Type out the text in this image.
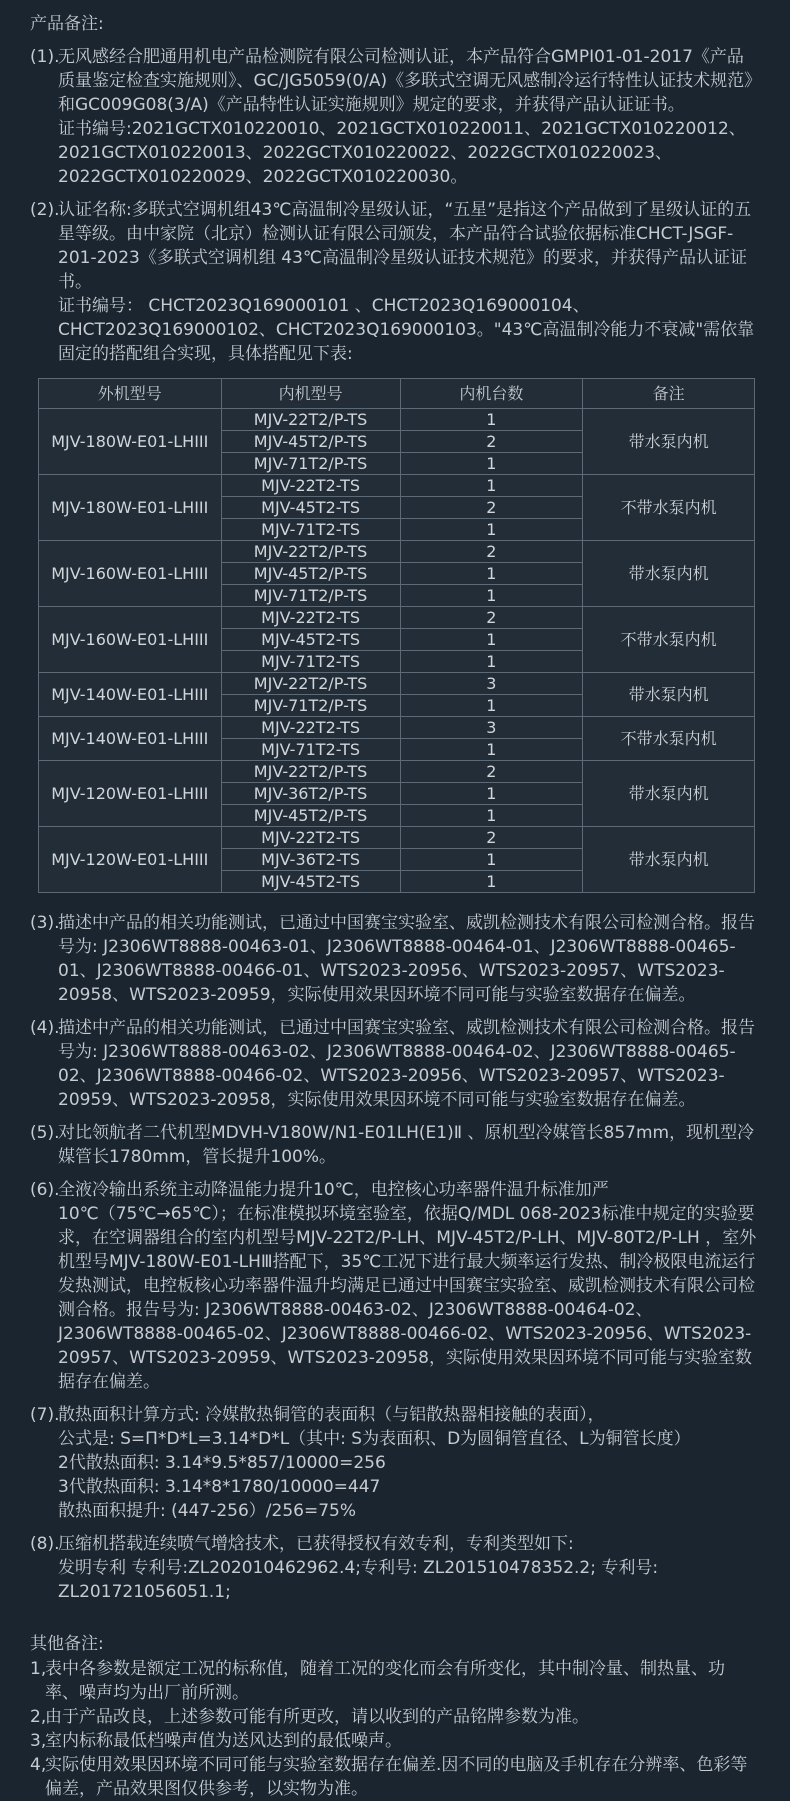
产品备注:
(1).
无风感经合肥通用机电产品检测院有限公司检测认证，本产品符合GMPI01-01-2017《产品质量鉴定检查实施规则》、GC/JG5059(0/A)《多联式空调无风感制冷运行特性认证技术规范》和GC009G08(3/A)《产品特性认证实施规则》规定的要求，并获得产品认证证书。
证书编号:2021GCTX010220010、2021GCTX010220011、2021GCTX010220012、2021GCTX010220013、2022GCTX010220022、2022GCTX010220023、2022GCTX010220029、2022GCTX010220030。
(2).
认证名称:多联式空调机组43℃高温制冷星级认证，“五星”是指这个产品做到了星级认证的五星等级。由中家院（北京）检测认证有限公司颁发，本产品符合试验依据标准CHCT-JSGF-201-2023《多联式空调机组 43℃高温制冷星级认证技术规范》的要求，并获得产品认证证书。
证书编号： CHCT2023Q169000101 、CHCT2023Q169000104、CHCT2023Q169000102、CHCT2023Q169000103。"43℃高温制冷能力不衰减"需依靠固定的搭配组合实现，具体搭配见下表:
外机型号	内机型号	内机台数	备注
MJV-180W-E01-LHIII	MJV-22T2/P-TS	1	带水泵内机
	MJV-45T2/P-TS	2	
	MJV-71T2/P-TS	1	
MJV-180W-E01-LHIII	MJV-22T2-TS	1	不带水泵内机
	MJV-45T2-TS	2	
	MJV-71T2-TS	1	
MJV-160W-E01-LHIII	MJV-22T2/P-TS	2	带水泵内机
	MJV-45T2/P-TS	1	
	MJV-71T2/P-TS	1	
MJV-160W-E01-LHIII	MJV-22T2-TS	2	不带水泵内机
	MJV-45T2-TS	1	
	MJV-71T2-TS	1	
MJV-140W-E01-LHIII	MJV-22T2/P-TS	3	带水泵内机
	MJV-71T2/P-TS	1	
MJV-140W-E01-LHIII	MJV-22T2-TS	3	不带水泵内机
	MJV-71T2-TS	1	
MJV-120W-E01-LHIII	MJV-22T2/P-TS	2	带水泵内机
	MJV-36T2/P-TS	1	
	MJV-45T2/P-TS	1	
MJV-120W-E01-LHIII	MJV-22T2-TS	2	带水泵内机
	MJV-36T2-TS	1	
	MJV-45T2-TS	1	
(3).
描述中产品的相关功能测试，已通过中国赛宝实验室、威凯检测技术有限公司检测合格。报告号为: J2306WT8888-00463-01、J2306WT8888-00464-01、J2306WT8888-00465-01、J2306WT8888-00466-01、WTS2023-20956、WTS2023-20957、WTS2023-20958、WTS2023-20959，实际使用效果因环境不同可能与实验室数据存在偏差。
(4).
描述中产品的相关功能测试，已通过中国赛宝实验室、威凯检测技术有限公司检测合格。报告号为: J2306WT8888-00463-02、J2306WT8888-00464-02、J2306WT8888-00465-02、J2306WT8888-00466-02、WTS2023-20956、WTS2023-20957、WTS2023-20959、WTS2023-20958，实际使用效果因环境不同可能与实验室数据存在偏差。
(5).
对比领航者二代机型MDVH-V180W/N1-E01LH(E1)Ⅱ 、原机型冷媒管长857mm，现机型冷媒管长1780mm，管长提升100%。
(6).
全液冷输出系统主动降温能力提升10℃，电控核心功率器件温升标准加严10℃（75℃→65℃）；在标准模拟环境室验室，依据Q/MDL 068-2023标准中规定的实验要求，在空调器组合的室内机型号MJV-22T2/P-LH、MJV-45T2/P-LH、MJV-80T2/P-LH ，室外机型号MJV-180W-E01-LHⅢ搭配下，35℃工况下进行最大频率运行发热、制冷极限电流运行发热测试，电控板核心功率器件温升均满足已通过中国赛宝实验室、威凯检测技术有限公司检测合格。报告号为: J2306WT8888-00463-02、J2306WT8888-00464-02、J2306WT8888-00465-02、J2306WT8888-00466-02、WTS2023-20956、WTS2023-20957、WTS2023-20959、WTS2023-20958，实际使用效果因环境不同可能与实验室数据存在偏差。
(7).
散热面积计算方式: 冷媒散热铜管的表面积（与铝散热器相接触的表面），
公式是: S=Π*D*L=3.14*D*L（其中: S为表面积、D为圆铜管直径、L为铜管长度）
2代散热面积: 3.14*9.5*857/10000=256
3代散热面积: 3.14*8*1780/10000=447
散热面积提升: (447-256）/256=75%
(8).
压缩机搭载连续喷气增焓技术，已获得授权有效专利，专利类型如下:
发明专利 专利号:ZL202010462962.4;专利号: ZL201510478352.2; 专利号: ZL201721056051.1;
其他备注:
1,
表中各参数是额定工况的标称值，随着工况的变化而会有所变化，其中制冷量、制热量、功率、噪声均为出厂前所测。
2,
由于产品改良，上述参数可能有所更改，请以收到的产品铭牌参数为准。
3,
室内标称最低档噪声值为送风达到的最低噪声。
4,
实际使用效果因环境不同可能与实验室数据存在偏差.因不同的电脑及手机存在分辨率、色彩等偏差，产品效果图仅供参考，以实物为准。
